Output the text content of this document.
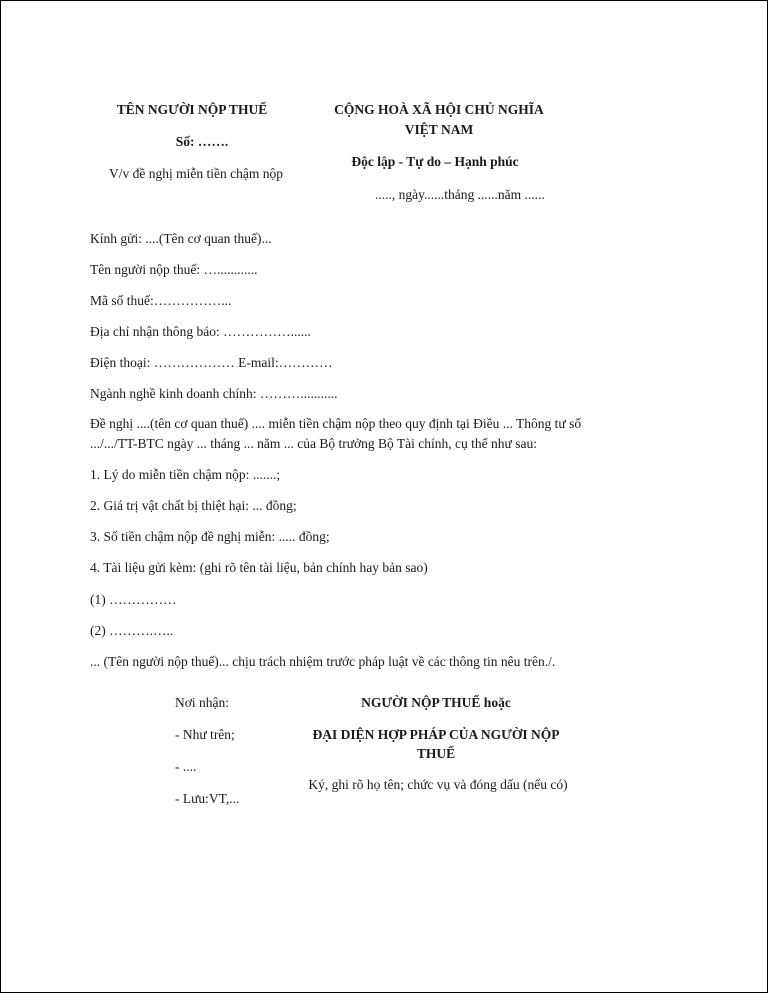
TÊN NGƯỜI NỘP THUẾ
Số: …….
V/v đề nghị miễn tiền chậm nộp
CỘNG HOÀ XÃ HỘI CHỦ NGHĨA
VIỆT NAM
Độc lập - Tự do – Hạnh phúc
....., ngày......tháng ......năm ......
Kính gửi: ....(Tên cơ quan thuế)...
Tên người nộp thuế: …............
Mã số thuế:……………...
Địa chỉ nhận thông báo: ……………......
Điện thoại: ……………… E-mail:…………
Ngành nghề kinh doanh chính: ………...........
Đề nghị ....(tên cơ quan thuế) .... miễn tiền chậm nộp theo quy định tại Điều ... Thông tư số
.../.../TT-BTC ngày ... tháng ... năm ... của Bộ trưởng Bộ Tài chính, cụ thể như sau:
1. Lý do miễn tiền chậm nộp: .......;
2. Giá trị vật chất bị thiệt hại: ... đồng;
3. Số tiền chậm nộp đề nghị miễn: ..... đồng;
4. Tài liệu gửi kèm: (ghi rõ tên tài liệu, bản chính hay bản sao)
(1) ……………
(2) ……….…..
... (Tên người nộp thuế)... chịu trách nhiệm trước pháp luật về các thông tin nêu trên./.
Nơi nhận:
- Như trên;
- ....
- Lưu:VT,...
NGƯỜI NỘP THUẾ hoặc
ĐẠI DIỆN HỢP PHÁP CỦA NGƯỜI NỘP
THUẾ
Ký, ghi rõ họ tên; chức vụ và đóng dấu (nếu có)
